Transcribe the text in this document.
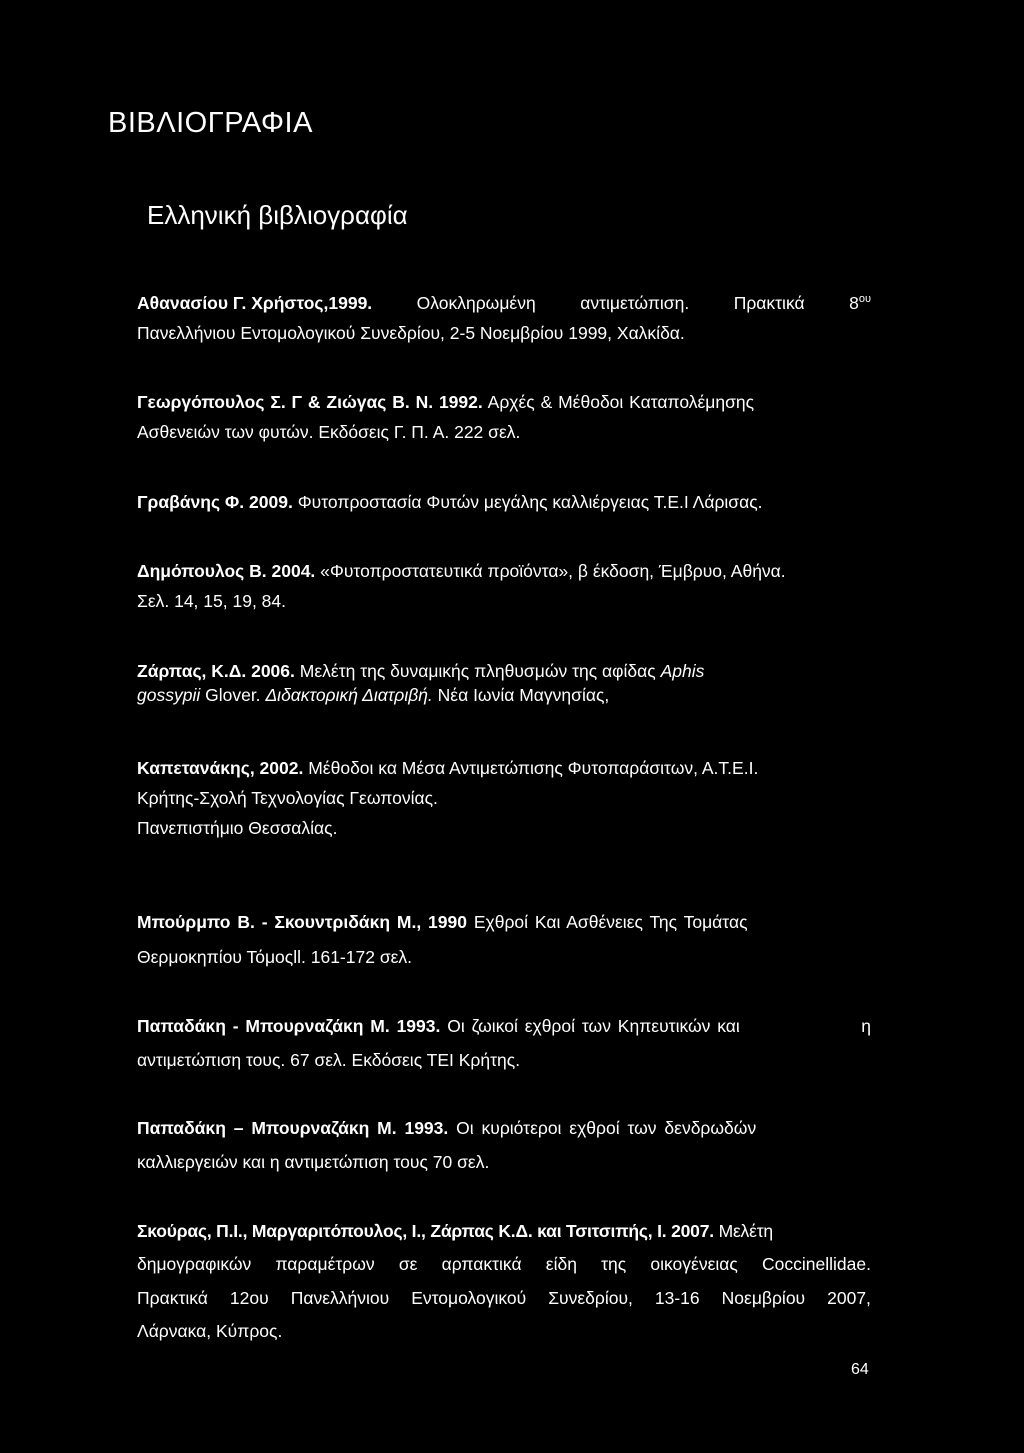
ΒΙΒΛΙΟΓΡΑΦΙΑ
Ελληνική βιβλιογραφία
Αθανασίου Γ. Χρήστος,1999.	Ολοκληρωμένη	αντιμετώπιση.	Πρακτικά	$8^{o\upsilon}$
Πανελλήνιου Εντομολογικού Συνεδρίου, 2-5 Νοεμβρίου 1999, Χαλκίδα.
Γεωργόπουλος Σ. Γ & Ζιώγας Β. Ν. 1992. Αρχές & Μέθοδοι Καταπολέμησης
Ασθενειών των φυτών. Εκδόσεις Γ. Π. Α. 222 σελ.
Γραβάνης Φ. 2009. Φυτοπροστασία Φυτών μεγάλης καλλιέργειας Τ.Ε.Ι Λάρισας.
Δημόπουλος Β. 2004. «Φυτοπροστατευτικά προϊόντα», β έκδοση, Έμβρυο, Αθήνα.
Σελ. 14, 15, 19, 84.
Ζάρπας, Κ.Δ. 2006. Μελέτη της δυναμικής πληθυσμών της αφίδας Aphis
gossypii Glover. Διδακτορική Διατριβή. Νέα Ιωνία Μαγνησίας,
Καπετανάκης, 2002. Μέθοδοι κα Μέσα Αντιμετώπισης Φυτοπαράσιτων, Α.Τ.Ε.Ι.
Κρήτης-Σχολή Τεχνολογίας Γεωπονίας.
Πανεπιστήμιο Θεσσαλίας.
Μπούρμπο Β. - Σκουντριδάκη Μ., 1990 Εχθροί Και Ασθένειες Της Τομάτας
Θερμοκηπίου Τόμοςll. 161-172 σελ.
Παπαδάκη - Μπουρναζάκη Μ. 1993. Οι ζωικοί εχθροί των Κηπευτικών και	η
αντιμετώπιση τους. 67 σελ. Εκδόσεις ΤΕΙ Κρήτης.
Παπαδάκη – Μπουρναζάκη Μ. 1993. Οι κυριότεροι εχθροί των δενδρωδών
καλλιεργειών και η αντιμετώπιση τους 70 σελ.
Σκούρας, Π.Ι., Μαργαριτόπουλος, Ι., Ζάρπας Κ.Δ. και Τσιτσιπής, Ι. 2007. Μελέτη
δημογραφικών παραμέτρων σε αρπακτικά είδη της οικογένειας Coccinellidae.
Πρακτικά 12ου Πανελλήνιου Εντομολογικού Συνεδρίου, 13-16 Νοεμβρίου 2007,
Λάρνακα, Κύπρος.
64
